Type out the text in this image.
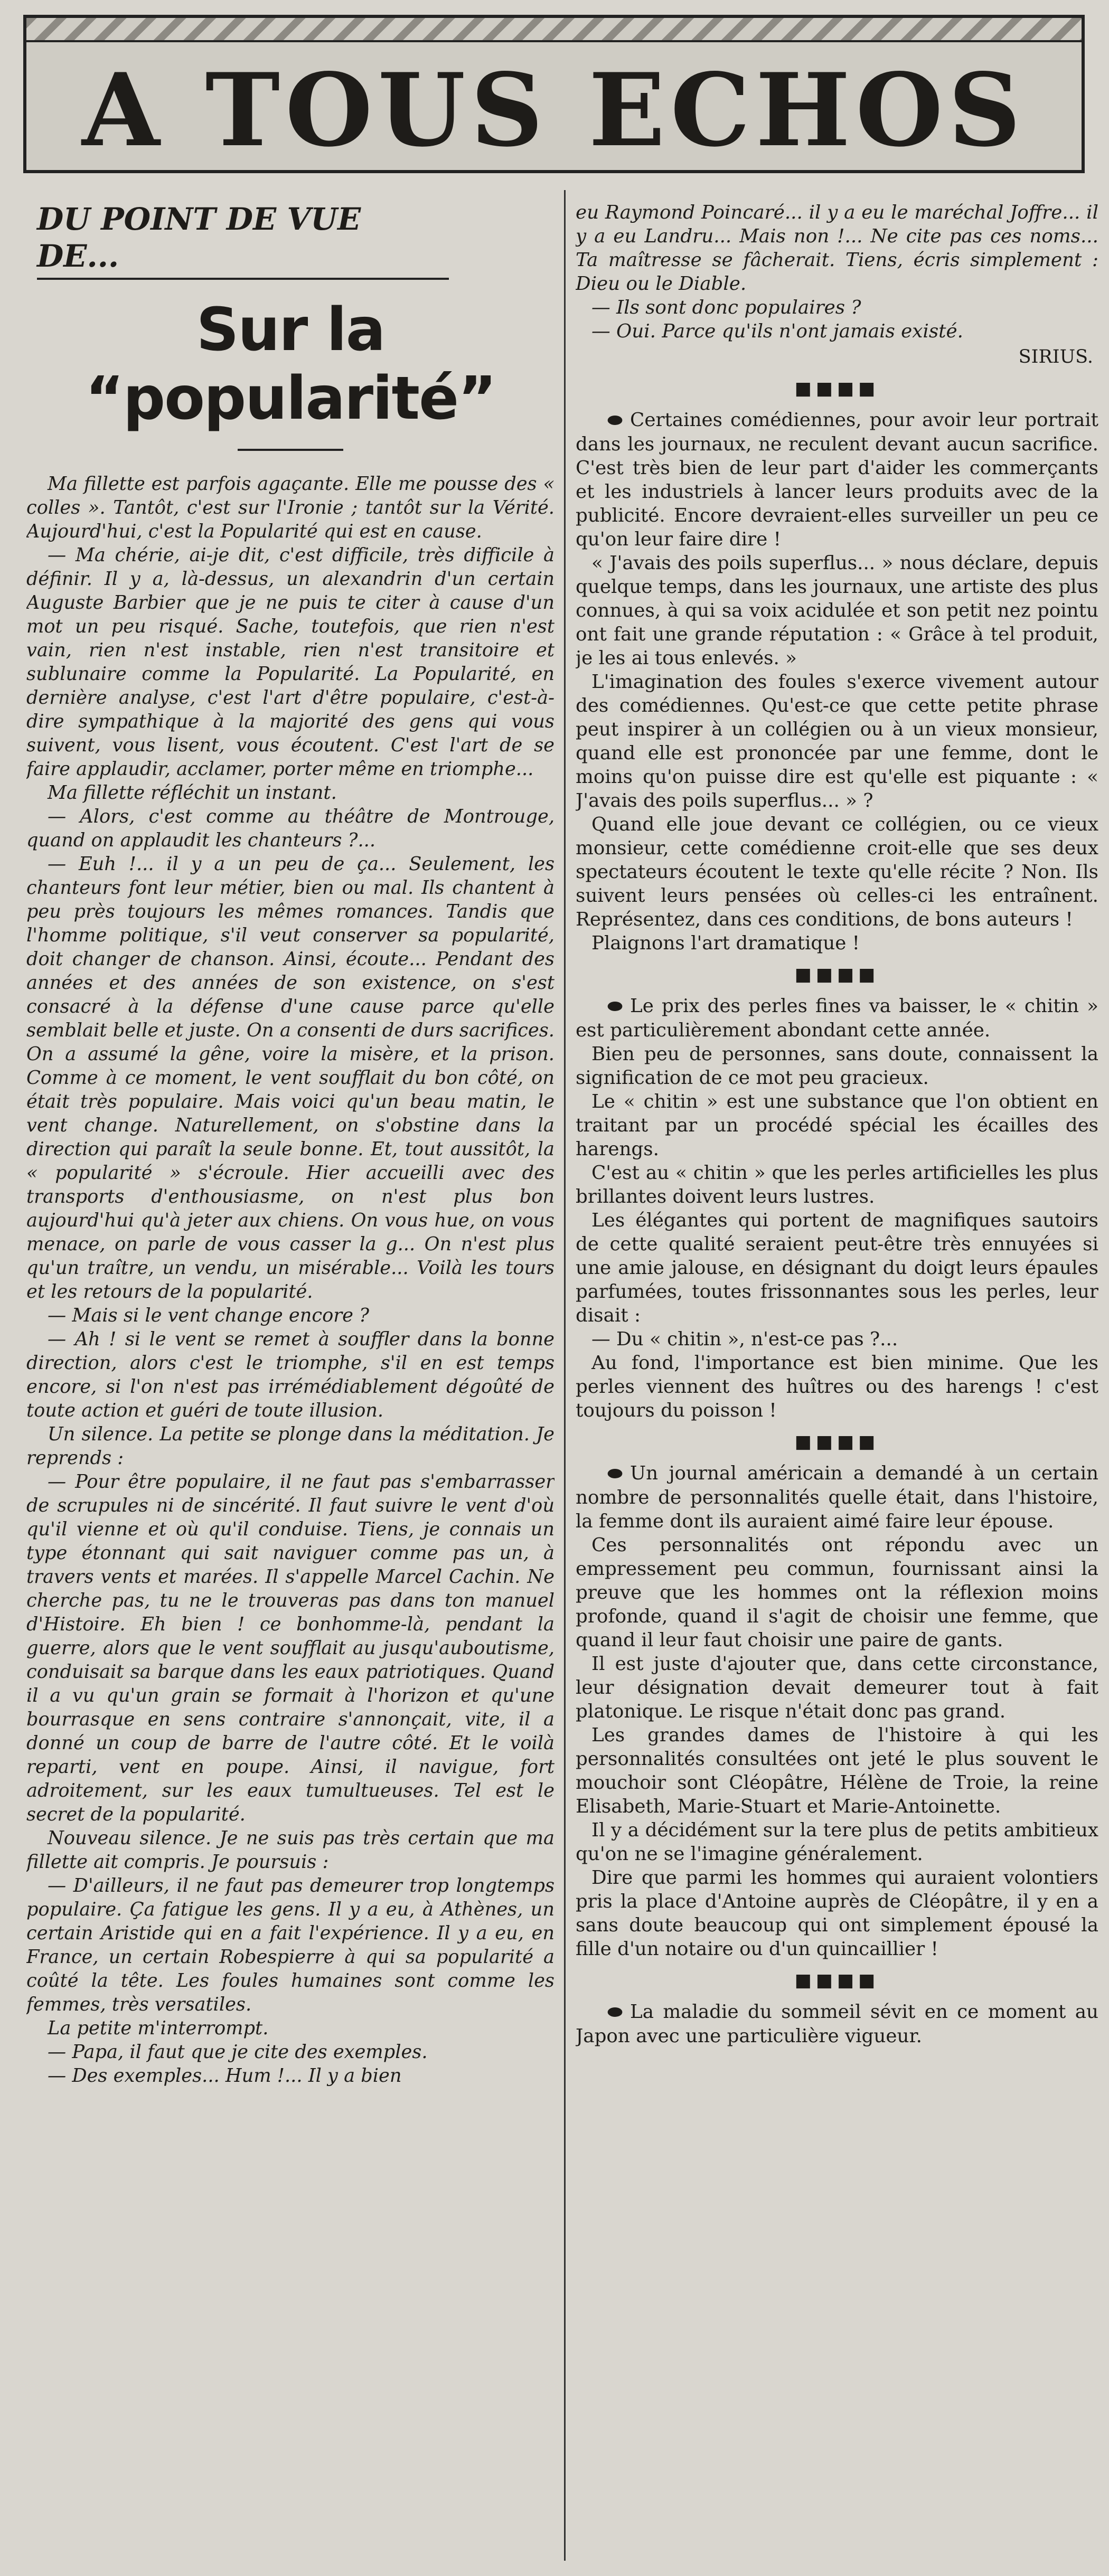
A TOUS ECHOS
DU POINT DE VUE DE...
Sur la “popularité”

Ma fillette est parfois agaçante. Elle me pousse des « colles ». Tantôt, c'est sur l'Ironie ; tantôt sur la Vérité. Aujourd'hui, c'est la Popularité qui est en cause.

— Ma chérie, ai-je dit, c'est difficile, très difficile à définir. Il y a, là-dessus, un alexandrin d'un certain Auguste Barbier que je ne puis te citer à cause d'un mot un peu risqué. Sache, toutefois, que rien n'est vain, rien n'est instable, rien n'est transitoire et sublunaire comme la Popularité. La Popularité, en dernière analyse, c'est l'art d'être populaire, c'est-à-dire sympathique à la majorité des gens qui vous suivent, vous lisent, vous écoutent. C'est l'art de se faire applaudir, acclamer, porter même en triomphe...

Ma fillette réfléchit un instant.

— Alors, c'est comme au théâtre de Montrouge, quand on applaudit les chanteurs ?...

— Euh !... il y a un peu de ça... Seulement, les chanteurs font leur métier, bien ou mal. Ils chantent à peu près toujours les mêmes romances. Tandis que l'homme politique, s'il veut conserver sa popularité, doit changer de chanson. Ainsi, écoute... Pendant des années et des années de son existence, on s'est consacré à la défense d'une cause parce qu'elle semblait belle et juste. On a consenti de durs sacrifices. On a assumé la gêne, voire la misère, et la prison. Comme à ce moment, le vent soufflait du bon côté, on était très populaire. Mais voici qu'un beau matin, le vent change. Naturellement, on s'obstine dans la direction qui paraît la seule bonne. Et, tout aussitôt, la « popularité » s'écroule. Hier accueilli avec des transports d'enthousiasme, on n'est plus bon aujourd'hui qu'à jeter aux chiens. On vous hue, on vous menace, on parle de vous casser la g... On n'est plus qu'un traître, un vendu, un misérable... Voilà les tours et les retours de la popularité.

— Mais si le vent change encore ?

— Ah ! si le vent se remet à souffler dans la bonne direction, alors c'est le triomphe, s'il en est temps encore, si l'on n'est pas irrémédiablement dégoûté de toute action et guéri de toute illusion.

Un silence. La petite se plonge dans la méditation. Je reprends :

— Pour être populaire, il ne faut pas s'embarrasser de scrupules ni de sincérité. Il faut suivre le vent d'où qu'il vienne et où qu'il conduise. Tiens, je connais un type étonnant qui sait naviguer comme pas un, à travers vents et marées. Il s'appelle Marcel Cachin. Ne cherche pas, tu ne le trouveras pas dans ton manuel d'Histoire. Eh bien ! ce bonhomme-là, pendant la guerre, alors que le vent soufflait au jusqu'auboutisme, conduisait sa barque dans les eaux patriotiques. Quand il a vu qu'un grain se formait à l'horizon et qu'une bourrasque en sens contraire s'annonçait, vite, il a donné un coup de barre de l'autre côté. Et le voilà reparti, vent en poupe. Ainsi, il navigue, fort adroitement, sur les eaux tumultueuses. Tel est le secret de la popularité.

Nouveau silence. Je ne suis pas très certain que ma fillette ait compris. Je poursuis :

— D'ailleurs, il ne faut pas demeurer trop longtemps populaire. Ça fatigue les gens. Il y a eu, à Athènes, un certain Aristide qui en a fait l'expérience. Il y a eu, en France, un certain Robespierre à qui sa popularité a coûté la tête. Les foules humaines sont comme les femmes, très versatiles.

La petite m'interrompt.

— Papa, il faut que je cite des exemples.

— Des exemples... Hum !... Il y a bien

eu Raymond Poincaré... il y a eu le maréchal Joffre... il y a eu Landru... Mais non !... Ne cite pas ces noms... Ta maîtresse se fâcherait. Tiens, écris simplement : Dieu ou le Diable.

— Ils sont donc populaires ?

— Oui. Parce qu'ils n'ont jamais existé.

SIRIUS.
■■■■

⬬ Certaines comédiennes, pour avoir leur portrait dans les journaux, ne reculent devant aucun sacrifice. C'est très bien de leur part d'aider les commerçants et les industriels à lancer leurs produits avec de la publicité. Encore devraient-elles surveiller un peu ce qu'on leur faire dire !

« J'avais des poils superflus... » nous déclare, depuis quelque temps, dans les journaux, une artiste des plus connues, à qui sa voix acidulée et son petit nez pointu ont fait une grande réputation : « Grâce à tel produit, je les ai tous enlevés. »

L'imagination des foules s'exerce vivement autour des comédiennes. Qu'est-ce que cette petite phrase peut inspirer à un collégien ou à un vieux monsieur, quand elle est prononcée par une femme, dont le moins qu'on puisse dire est qu'elle est piquante : « J'avais des poils superflus... » ?

Quand elle joue devant ce collégien, ou ce vieux monsieur, cette comédienne croit-elle que ses deux spectateurs écoutent le texte qu'elle récite ? Non. Ils suivent leurs pensées où celles-ci les entraînent. Représentez, dans ces conditions, de bons auteurs !

Plaignons l'art dramatique !

■■■■

⬬ Le prix des perles fines va baisser, le « chitin » est particulièrement abondant cette année.

Bien peu de personnes, sans doute, connaissent la signification de ce mot peu gracieux.

Le « chitin » est une substance que l'on obtient en traitant par un procédé spécial les écailles des harengs.

C'est au « chitin » que les perles artificielles les plus brillantes doivent leurs lustres.

Les élégantes qui portent de magnifiques sautoirs de cette qualité seraient peut-être très ennuyées si une amie jalouse, en désignant du doigt leurs épaules parfumées, toutes frissonnantes sous les perles, leur disait :

— Du « chitin », n'est-ce pas ?...

Au fond, l'importance est bien minime. Que les perles viennent des huîtres ou des harengs ! c'est toujours du poisson !

■■■■

⬬ Un journal américain a demandé à un certain nombre de personnalités quelle était, dans l'histoire, la femme dont ils auraient aimé faire leur épouse.

Ces personnalités ont répondu avec un empressement peu commun, fournissant ainsi la preuve que les hommes ont la réflexion moins profonde, quand il s'agit de choisir une femme, que quand il leur faut choisir une paire de gants.

Il est juste d'ajouter que, dans cette circonstance, leur désignation devait demeurer tout à fait platonique. Le risque n'était donc pas grand.

Les grandes dames de l'histoire à qui les personnalités consultées ont jeté le plus souvent le mouchoir sont Cléopâtre, Hélène de Troie, la reine Elisabeth, Marie-Stuart et Marie-Antoinette.

Il y a décidément sur la tere plus de petits ambitieux qu'on ne se l'imagine généralement.

Dire que parmi les hommes qui auraient volontiers pris la place d'Antoine auprès de Cléopâtre, il y en a sans doute beaucoup qui ont simplement épousé la fille d'un notaire ou d'un quincaillier !

■■■■

⬬ La maladie du sommeil sévit en ce moment au Japon avec une particulière vigueur.
